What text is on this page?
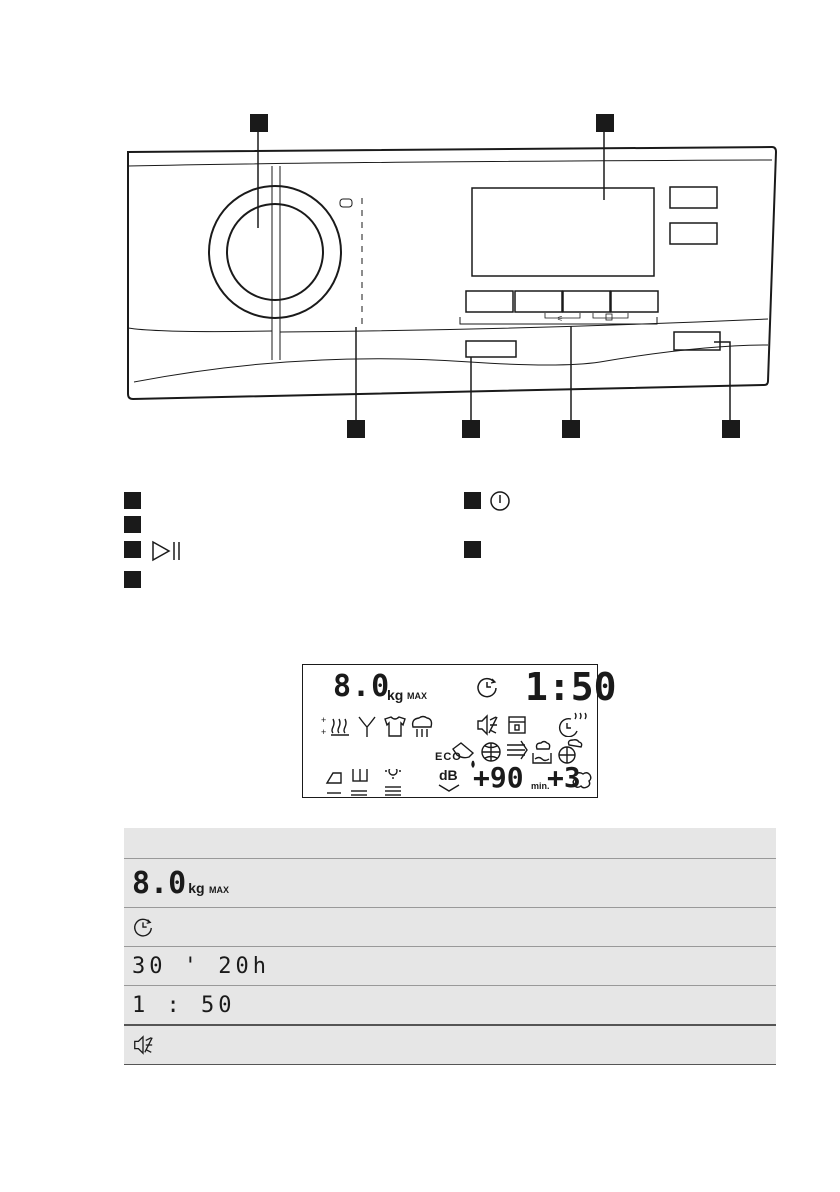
⚟
8.0
kg MAX	1:50
+
+
ECO
dB +90 min.
+3

8.0 kg MAX	

30 ' 20h	
1 : 50	
